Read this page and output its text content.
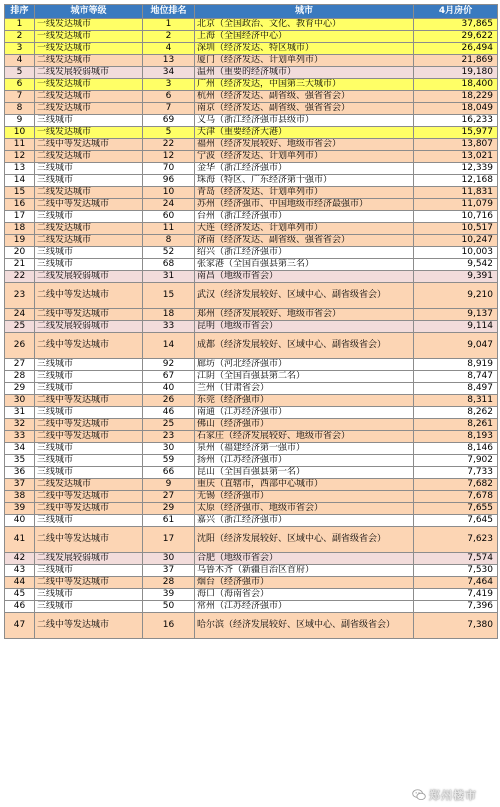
排序	城市等级	地位排名	城市	4月房价
1	一线发达城市	1	北京（全国政治、文化、教育中心）	37,865
2	一线发达城市	2	上海（全国经济中心）	29,622
3	一线发达城市	4	深圳（经济发达、特区城市）	26,494
4	二线发达城市	13	厦门（经济发达、计划单列市）	21,869
5	二线发展较弱城市	34	温州（重要的经济城市）	19,180
6	一线发达城市	3	广州（经济发达，中国第三大城市）	18,400
7	二线发达城市	6	杭州（经济发达、副省级、强省省会）	18,229
8	二线发达城市	7	南京（经济发达、副省级、强省省会）	18,049
9	三线城市	69	义乌（浙江经济强市县级市）	16,233
10	一线发达城市	5	天津（重要经济大港）	15,977
11	二线中等发达城市	22	福州（经济发展较好、地级市省会）	13,807
12	二线发达城市	12	宁波（经济发达、计划单列市）	13,021
13	三线城市	70	金华（浙江经济强市）	12,339
14	三线城市	96	珠海（特区、广东经济第十强市）	12,168
15	二线发达城市	10	青岛（经济发达、计划单列市）	11,831
16	二线中等发达城市	24	苏州（经济强市、中国地级市经济最强市）	11,079
17	三线城市	60	台州（浙江经济强市）	10,716
18	二线发达城市	11	大连（经济发达、计划单列市）	10,517
19	二线发达城市	8	济南（经济发达、副省级、强省省会）	10,247
20	三线城市	52	绍兴（浙江经济强市）	10,003
21	三线城市	68	张家港（全国百强县第三名）	9,542
22	二线发展较弱城市	31	南昌（地级市省会）	9,391
23	二线中等发达城市	15	武汉（经济发展较好、区域中心、副省级省会）	9,210
24	二线中等发达城市	18	郑州（经济发展较好、地级市省会）	9,137
25	二线发展较弱城市	33	昆明（地级市省会）	9,114
26	二线中等发达城市	14	成都（经济发展较好、区域中心、副省级省会）	9,047
27	三线城市	92	廊坊（河北经济强市）	8,919
28	三线城市	67	江阴（全国百强县第二名）	8,747
29	三线城市	40	兰州（甘肃省会）	8,497
30	二线中等发达城市	26	东莞（经济强市）	8,311
31	三线城市	46	南通（江苏经济强市）	8,262
32	二线中等发达城市	25	佛山（经济强市）	8,261
33	二线中等发达城市	23	石家庄（经济发展较好、地级市省会）	8,193
34	三线城市	30	泉州（福建经济第一强市）	8,146
35	三线城市	59	扬州（江苏经济强市）	7,902
36	三线城市	66	昆山（全国百强县第一名）	7,733
37	二线发达城市	9	重庆（直辖市，西部中心城市）	7,682
38	二线中等发达城市	27	无锡（经济强市）	7,678
39	二线中等发达城市	29	太原（经济强市、地级市省会）	7,655
40	三线城市	61	嘉兴（浙江经济强市）	7,645
41	二线中等发达城市	17	沈阳（经济发展较好、区域中心、副省级省会）	7,623
42	二线发展较弱城市	30	合肥（地级市省会）	7,574
43	三线城市	37	乌鲁木齐（新疆自治区首府）	7,530
44	二线中等发达城市	28	烟台（经济强市）	7,464
45	三线城市	39	海口（海南省会）	7,419
46	三线城市	50	常州（江苏经济强市）	7,396
47	二线中等发达城市	16	哈尔滨（经济发展较好、区域中心、副省级省会）	7,380
郑州楼市
